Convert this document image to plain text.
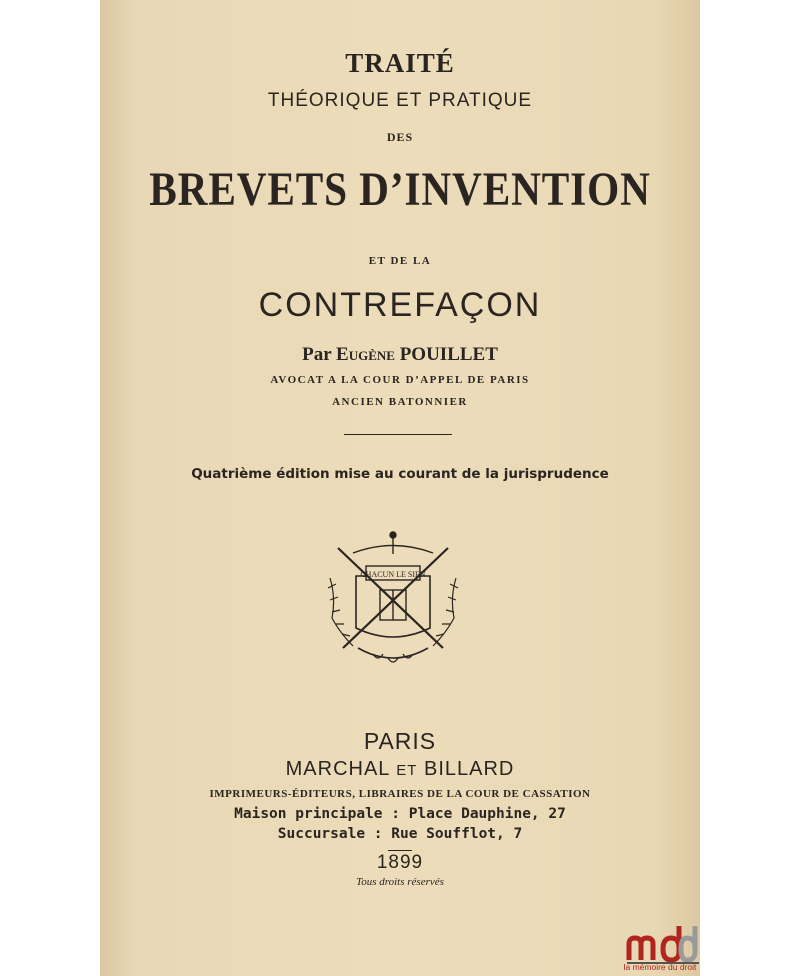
TRAITÉ
THÉORIQUE ET PRATIQUE
DES
BREVETS D’INVENTION
ET DE LA
CONTREFAÇON
Par Eugène POUILLET
AVOCAT A LA COUR D’APPEL DE PARIS
ANCIEN BATONNIER
Quatrième édition mise au courant de la jurisprudence
CHACUN LE SIEN
PARIS
MARCHAL ET BILLARD
IMPRIMEURS-ÉDITEURS, LIBRAIRES DE LA COUR DE CASSATION
Maison principale : Place Dauphine, 27
Succursale : Rue Soufflot, 7
1899
Tous droits réservés
la mémoire du droit
